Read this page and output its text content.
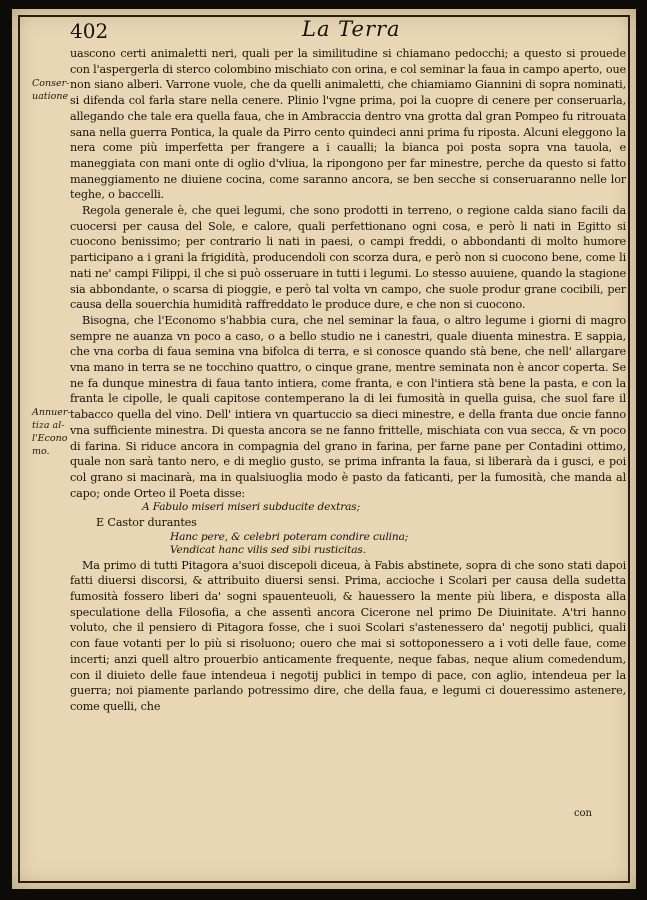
402	La Terra
Conser- uatione
Annuer- tiza al- l'Econo mo.

uascono certi animaletti neri, quali per la similitudine si chiamano pedocchi; a questo si prouede con l'aspergerla di sterco colombino mischiato con orina, e col seminar la faua in campo aperto, oue non siano alberi. Varrone vuole, che da quelli animaletti, che chiamiamo Giannini di sopra nominati, si difenda col farla stare nella cenere. Plinio l'vgne prima, poi la cuopre di cenere per conseruarla, allegando che tale era quella faua, che in Ambraccia dentro vna grotta dal gran Pompeo fu ritrouata sana nella guerra Pontica, la quale da Pirro cento quindeci anni prima fu riposta. Alcuni eleggono la nera come più imperfetta per frangere a i caualli; la bianca poi posta sopra vna tauola, e maneggiata con mani onte di oglio d'vliua, la ripongono per far minestre, perche da questo si fatto maneggiamento ne diuiene cocina, come saranno ancora, se ben secche si conseruaranno nelle lor teghe, o baccelli.

Regola generale è, che quei legumi, che sono prodotti in terreno, o regione calda siano facili da cuocersi per causa del Sole, e calore, quali perfettionano ogni cosa, e però li nati in Egitto si cuocono benissimo; per contrario li nati in paesi, o campi freddi, o abbondanti di molto humore participano a i grani la frigidità, producendoli con scorza dura, e però non si cuocono bene, come li nati ne' campi Filippi, il che si può osseruare in tutti i legumi. Lo stesso auuiene, quando la stagione sia abbondante, o scarsa di pioggie, e però tal volta vn campo, che suole produr grane cocibili, per causa della souerchia humidità raffreddato le produce dure, e che non si cuocono.

Bisogna, che l'Economo s'habbia cura, che nel seminar la faua, o altro legume i giorni di magro sempre ne auanza vn poco a caso, o a bello studio ne i canestri, quale diuenta minestra. E sappia, che vna corba di faua semina vna bifolca di terra, e si conosce quando stà bene, che nell' allargare vna mano in terra se ne tocchino quattro, o cinque grane, mentre seminata non è ancor coperta. Se ne fa dunque minestra di faua tanto intiera, come franta, e con l'intiera stà bene la pasta, e con la franta le cipolle, le quali capitose contemperano la di lei fumosità in quella guisa, che suol fare il tabacco quella del vino. Dell' intiera vn quartuccio sa dieci minestre, e della franta due oncie fanno vna sufficiente minestra. Di questa ancora se ne fanno frittelle, mischiata con vua secca, & vn poco di farina. Si riduce ancora in compagnia del grano in farina, per farne pane per Contadini ottimo, quale non sarà tanto nero, e di meglio gusto, se prima infranta la faua, si liberarà da i gusci, e poi col grano si macinarà, ma in qualsiuoglia modo è pasto da faticanti, per la fumosità, che manda al capo; onde Orteo il Poeta disse:

A Fabulo miseri miseri subducite dextras;

E Castor durantes

Hanc pere, & celebri poteram condire culina;

Vendicat hanc vilis sed sibi rusticitas.

Ma primo di tutti Pitagora a'suoi discepoli diceua, à Fabis abstinete, sopra di che sono stati dapoi fatti diuersi discorsi, & attribuito diuersi sensi. Prima, accioche i Scolari per causa della sudetta fumosità fossero liberi da' sogni spauenteuoli, & hauessero la mente più libera, e disposta alla speculatione della Filosofia, a che assentì ancora Cicerone nel primo De Diuinitate. A'tri hanno voluto, che il pensiero di Pitagora fosse, che i suoi Scolari s'astenessero da' negotij publici, quali con faue votanti per lo più si risoluono; ouero che mai si sottoponessero a i voti delle faue, come incerti; anzi quell altro prouerbio anticamente frequente, neque fabas, neque alium comedendum, con il diuieto delle faue intendeua i negotij publici in tempo di pace, con aglio, intendeua per la guerra; noi piamente parlando potressimo dire, che della faua, e legumi ci doueressimo astenere, come quelli, che

con
